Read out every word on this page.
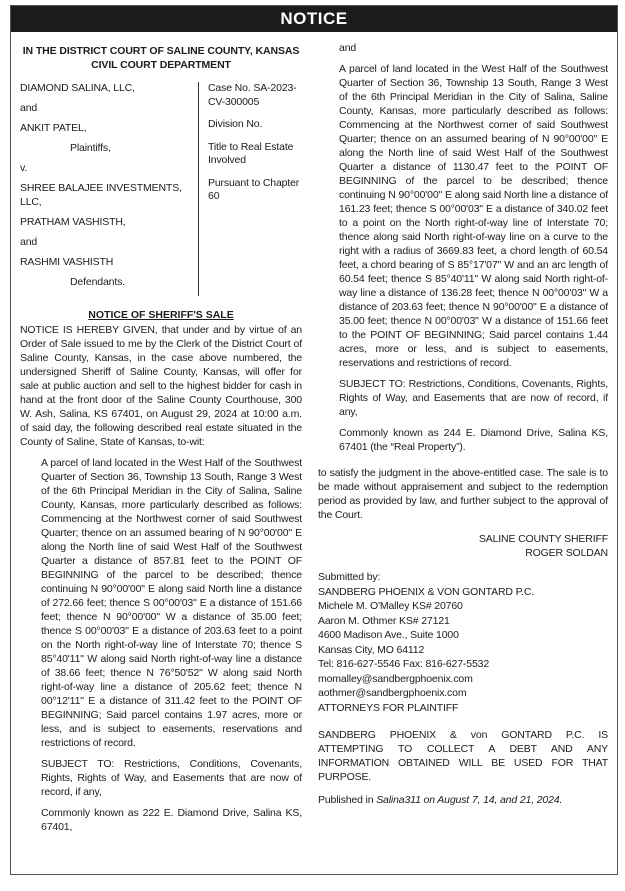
NOTICE
IN THE DISTRICT COURT OF SALINE COUNTY, KANSAS
CIVIL COURT DEPARTMENT
DIAMOND SALINA, LLC,
and
ANKIT PATEL,
Plaintiffs,
v.
SHREE BALAJEE INVESTMENTS, LLC,
PRATHAM VASHISTH,
and
RASHMI VASHISTH
Defendants.
Case No. SA-2023-CV-300005
Division No.
Title to Real Estate Involved
Pursuant to Chapter 60
NOTICE OF SHERIFF'S SALE

NOTICE IS HEREBY GIVEN, that under and by virtue of an Order of Sale issued to me by the Clerk of the District Court of Saline County, Kansas, in the case above numbered, the undersigned Sheriff of Saline County, Kansas, will offer for sale at public auction and sell to the highest bidder for cash in hand at the front door of the Saline County Courthouse, 300 W. Ash, Salina, KS 67401, on August 29, 2024 at 10:00 a.m. of said day, the following described real estate situated in the County of Saline, State of Kansas, to-wit:

A parcel of land located in the West Half of the Southwest Quarter of Section 36, Township 13 South, Range 3 West of the 6th Principal Meridian in the City of Salina, Saline County, Kansas, more particularly described as follows: Commencing at the Northwest corner of said Southwest Quarter; thence on an assumed bearing of N 90°00'00" E along the North line of said West Half of the Southwest Quarter a distance of 857.81 feet to the POINT OF BEGINNING of the parcel to be described; thence continuing N 90°00'00" E along said North line a distance of 272.66 feet; thence S 00°00'03" E a distance of 151.66 feet; thence N 90°00'00" W a distance of 35.00 feet; thence S 00°00'03" E a distance of 203.63 feet to a point on the North right-of-way line of Interstate 70; thence S 85°40'11" W along said North right-of-way line a distance of 38.66 feet; thence N 76°50'52" W along said North right-of-way line a distance of 205.62 feet; thence N 00°12'11" E a distance of 311.42 feet to the POINT OF BEGINNING; Said parcel contains 1.97 acres, more or less, and is subject to easements, reservations and restrictions of record.

SUBJECT TO: Restrictions, Conditions, Covenants, Rights, Rights of Way, and Easements that are now of record, if any,

Commonly known as 222 E. Diamond Drive, Salina KS, 67401,

and

A parcel of land located in the West Half of the Southwest Quarter of Section 36, Township 13 South, Range 3 West of the 6th Principal Meridian in the City of Salina, Saline County, Kansas, more particularly described as follows: Commencing at the Northwest corner of said Southwest Quarter; thence on an assumed bearing of N 90°00'00" E along the North line of said West Half of the Southwest Quarter a distance of 1130.47 feet to the POINT OF BEGINNING of the parcel to be described; thence continuing N 90°00'00" E along said North line a distance of 161.23 feet; thence S 00°00'03" E a distance of 340.02 feet to a point on the North right-of-way line of Interstate 70; thence along said North right-of-way line on a curve to the right with a radius of 3669.83 feet, a chord length of 60.54 feet, a chord bearing of S 85°17'07" W and an arc length of 60.54 feet; thence S 85°40'11" W along said North right-of-way line a distance of 136.28 feet; thence N 00°00'03" W a distance of 203.63 feet; thence N 90°00'00" E a distance of 35.00 feet; thence N 00°00'03" W a distance of 151.66 feet to the POINT OF BEGINNING; Said parcel contains 1.44 acres, more or less, and is subject to easements, reservations and restrictions of record.

SUBJECT TO: Restrictions, Conditions, Covenants, Rights, Rights of Way, and Easements that are now of record, if any,

Commonly known as 244 E. Diamond Drive, Salina KS, 67401 (the “Real Property”).

to satisfy the judgment in the above-entitled case. The sale is to be made without appraisement and subject to the redemption period as provided by law, and further subject to the approval of the Court.

SALINE COUNTY SHERIFF
ROGER SOLDAN
Submitted by:
SANDBERG PHOENIX & VON GONTARD P.C.
Michele M. O'Malley KS# 20760
Aaron M. Othmer KS# 27121
4600 Madison Ave., Suite 1000
Kansas City, MO 64112
Tel: 816-627-5546 Fax: 816-627-5532
momalley@sandbergphoenix.com
aothmer@sandbergphoenix.com
ATTORNEYS FOR PLAINTIFF

SANDBERG PHOENIX & von GONTARD P.C. IS ATTEMPTING TO COLLECT A DEBT AND ANY INFORMATION OBTAINED WILL BE USED FOR THAT PURPOSE.

Published in Salina311 on August 7, 14, and 21, 2024.
